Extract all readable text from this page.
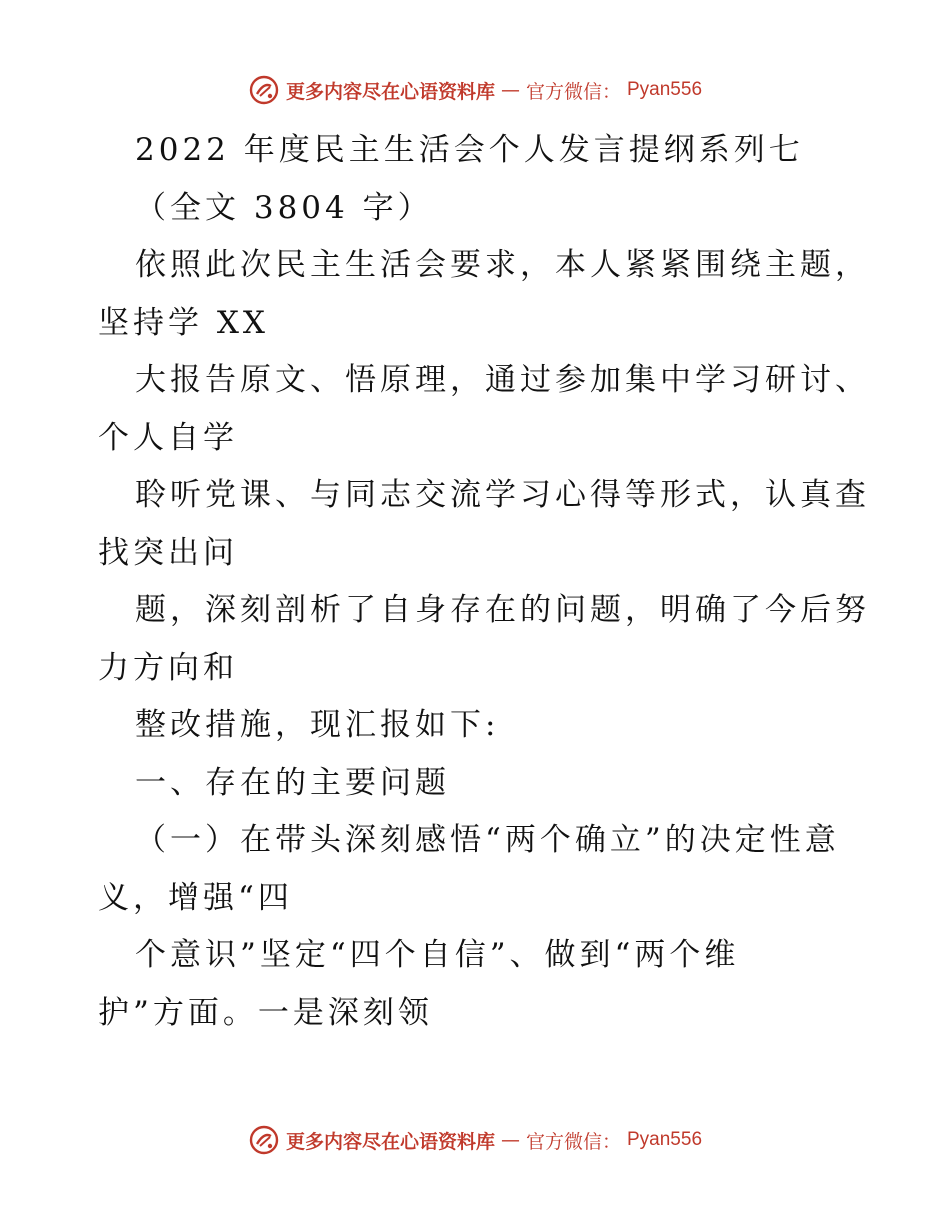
更多内容尽在心语资料库 — 官方微信： Pyan556
2022 年度民主生活会个人发言提纲系列七
（全文 3804 字）
依照此次民主生活会要求，本人紧紧围绕主题，
坚持学 XX
大报告原文、悟原理，通过参加集中学习研讨、
个人自学
聆听党课、与同志交流学习心得等形式，认真查
找突出问
题，深刻剖析了自身存在的问题，明确了今后努
力方向和
整改措施，现汇报如下:
一、存在的主要问题
（一）在带头深刻感悟“两个确立”的决定性意
义，增强“四
个意识”坚定“四个自信”、做到“两个维
护”方面。一是深刻领
更多内容尽在心语资料库 — 官方微信： Pyan556
